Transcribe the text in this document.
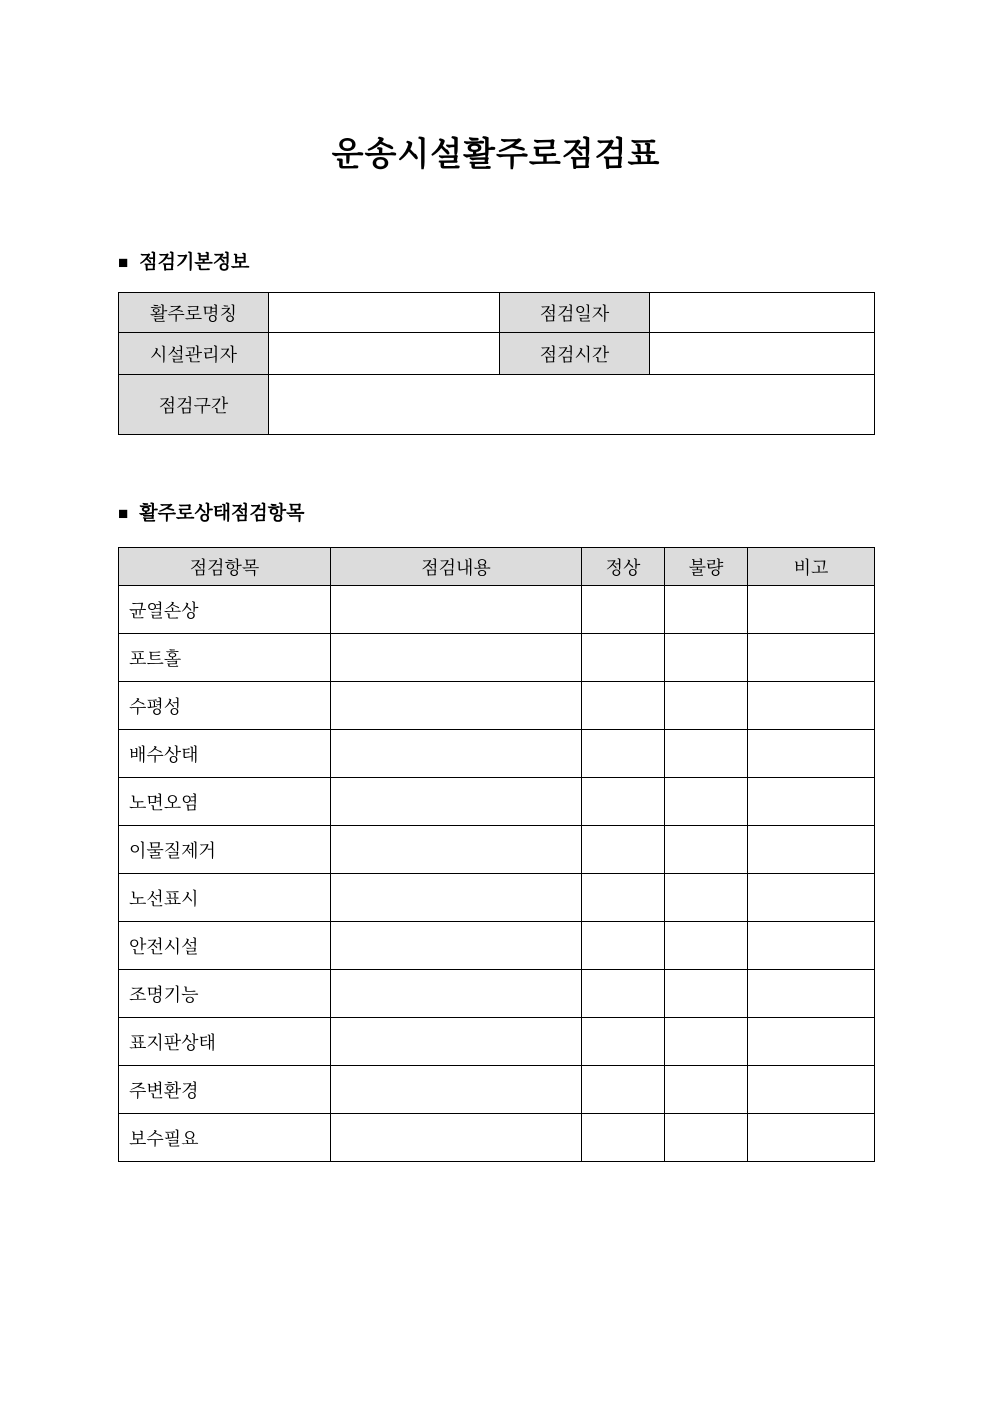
운송시설활주로점검표
■ 점검기본정보
활주로명칭		점검일자	
시설관리자		점검시간	
점검구간			
■ 활주로상태점검항목
점검항목	점검내용	정상	불량	비고
균열손상				
포트홀				
수평성				
배수상태				
노면오염				
이물질제거				
노선표시				
안전시설				
조명기능				
표지판상태				
주변환경				
보수필요				
